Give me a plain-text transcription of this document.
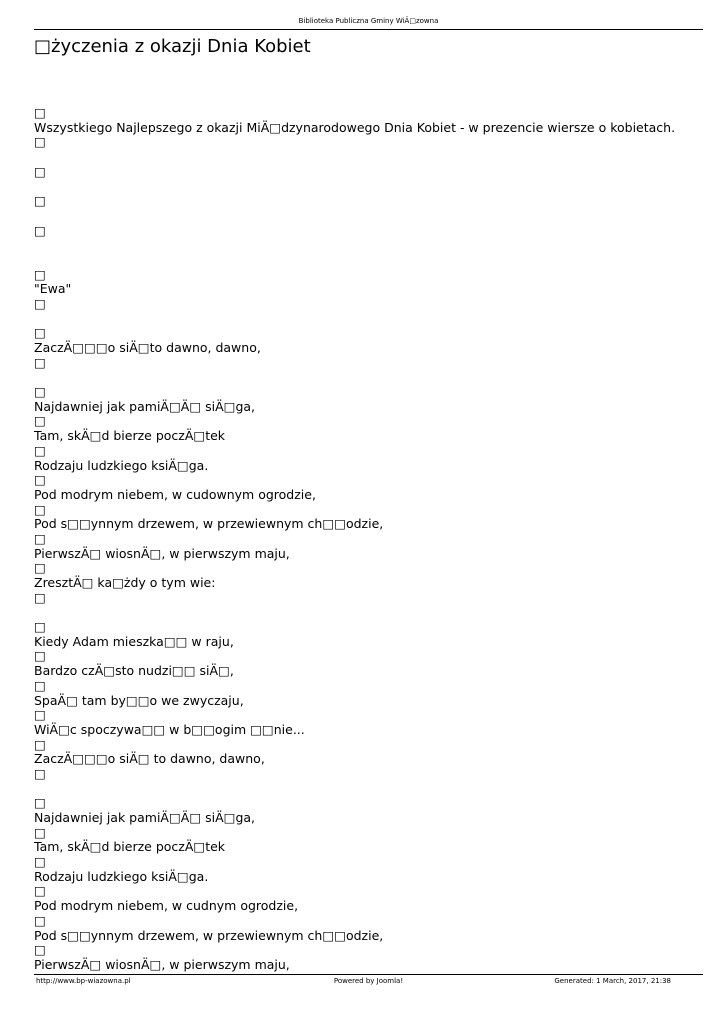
Biblioteka Publiczna Gminy WiÄ□zowna
□życzenia z okazji Dnia Kobiet
□
Wszystkiego Najlepszego z okazji MiÄ□dzynarodowego Dnia Kobiet - w prezencie wiersze o kobietach.
□
□
□
□
□
"Ewa"
□
□
ZaczÄ□□□o siÄ□to dawno, dawno,
□
□
Najdawniej jak pamiÄ□Ä□ siÄ□ga,
□
Tam, skÄ□d bierze poczÄ□tek
□
Rodzaju ludzkiego ksiÄ□ga.
□
Pod modrym niebem, w cudownym ogrodzie,
□
Pod s□□ynnym drzewem, w przewiewnym ch□□odzie,
□
PierwszÄ□ wiosnÄ□, w pierwszym maju,
□
ZresztÄ□ ka□żdy o tym wie:
□
□
Kiedy Adam mieszka□□ w raju,
□
Bardzo czÄ□sto nudzi□□ siÄ□,
□
SpaÄ□ tam by□□o we zwyczaju,
□
WiÄ□c spoczywa□□ w b□□ogim □□nie...
□
ZaczÄ□□□o siÄ□ to dawno, dawno,
□
□
Najdawniej jak pamiÄ□Ä□ siÄ□ga,
□
Tam, skÄ□d bierze poczÄ□tek
□
Rodzaju ludzkiego ksiÄ□ga.
□
Pod modrym niebem, w cudnym ogrodzie,
□
Pod s□□ynnym drzewem, w przewiewnym ch□□odzie,
□
PierwszÄ□ wiosnÄ□, w pierwszym maju,
http://www.bp-wiazowna.pl	Powered by Joomla!	Generated: 1 March, 2017, 21:38
